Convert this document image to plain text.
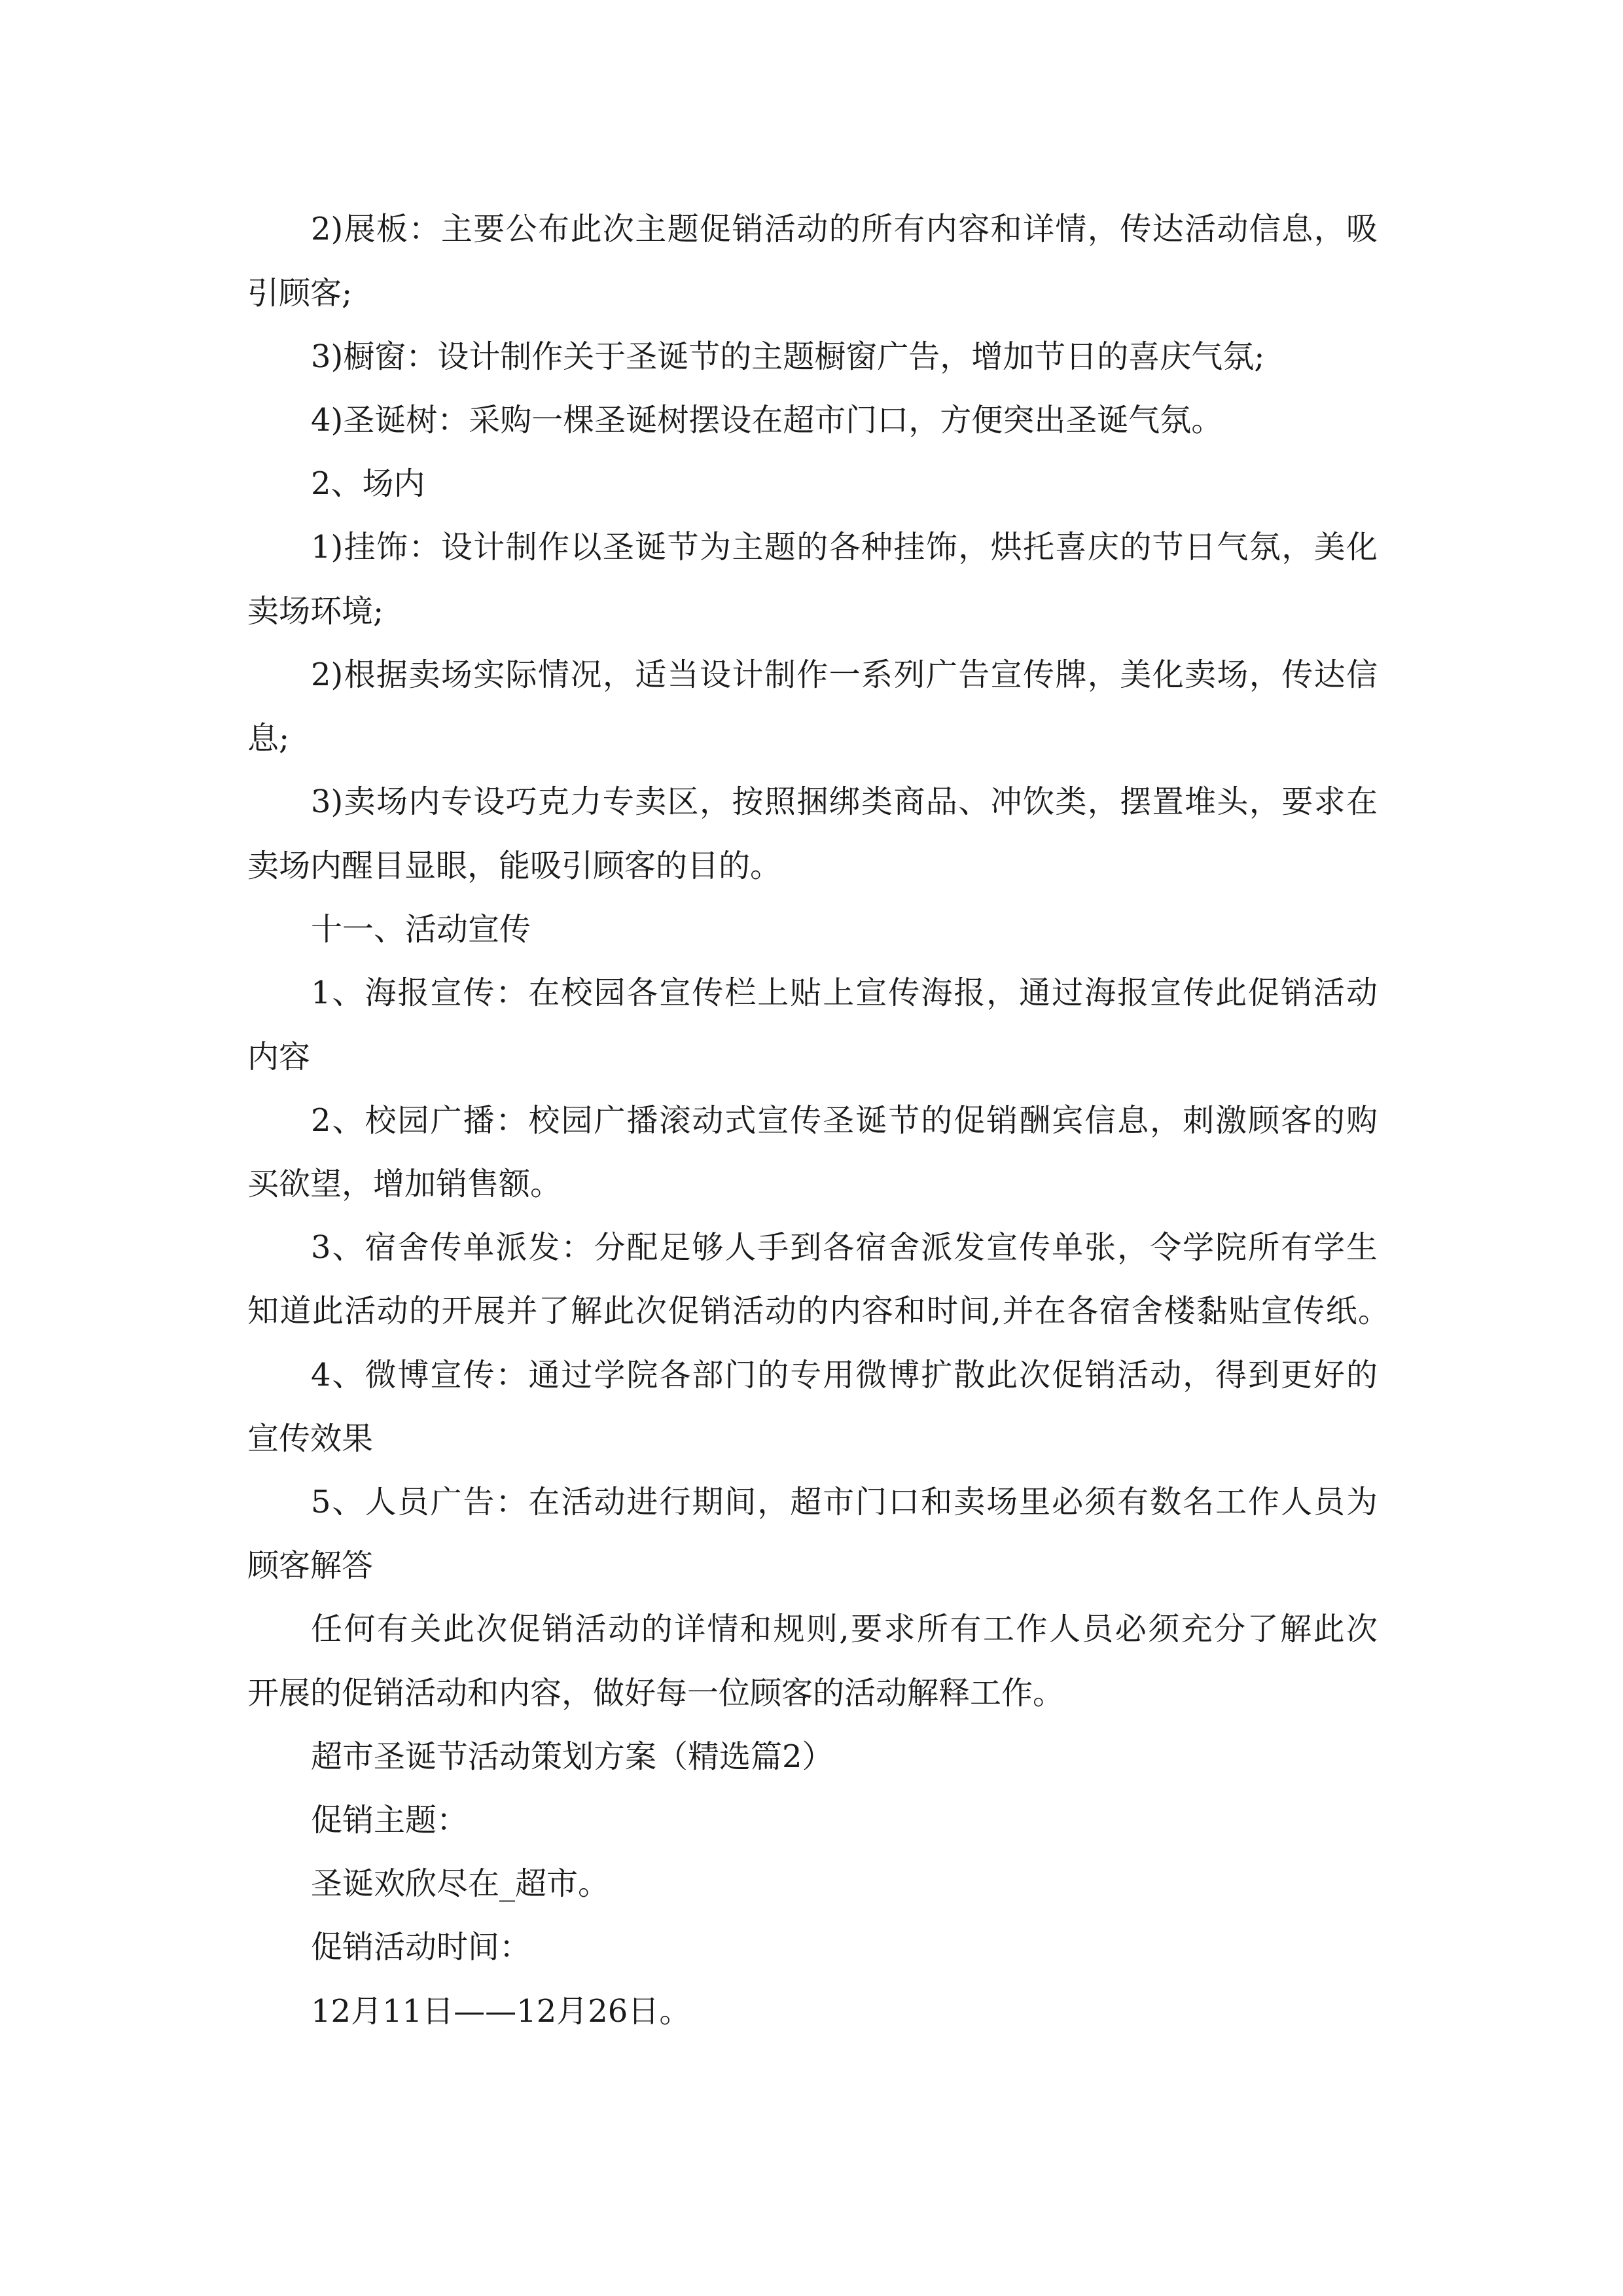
2)展板：主要公布此次主题促销活动的所有内容和详情，传达活动信息，吸
引顾客;
3)橱窗：设计制作关于圣诞节的主题橱窗广告，增加节日的喜庆气氛;
4)圣诞树：采购一棵圣诞树摆设在超市门口，方便突出圣诞气氛。
2、场内
1)挂饰：设计制作以圣诞节为主题的各种挂饰，烘托喜庆的节日气氛，美化
卖场环境;
2)根据卖场实际情况，适当设计制作一系列广告宣传牌，美化卖场，传达信
息;
3)卖场内专设巧克力专卖区，按照捆绑类商品、冲饮类，摆置堆头，要求在
卖场内醒目显眼，能吸引顾客的目的。
十一、活动宣传
1、海报宣传：在校园各宣传栏上贴上宣传海报，通过海报宣传此促销活动
内容
2、校园广播：校园广播滚动式宣传圣诞节的促销酬宾信息，刺激顾客的购
买欲望，增加销售额。
3、宿舍传单派发：分配足够人手到各宿舍派发宣传单张，令学院所有学生
知道此活动的开展并了解此次促销活动的内容和时间,并在各宿舍楼黏贴宣传纸。
4、微博宣传：通过学院各部门的专用微博扩散此次促销活动，得到更好的
宣传效果
5、人员广告：在活动进行期间，超市门口和卖场里必须有数名工作人员为
顾客解答
任何有关此次促销活动的详情和规则,要求所有工作人员必须充分了解此次
开展的促销活动和内容，做好每一位顾客的活动解释工作。
超市圣诞节活动策划方案（精选篇2）
促销主题：
圣诞欢欣尽在_超市。
促销活动时间：
12月11日——12月26日。
